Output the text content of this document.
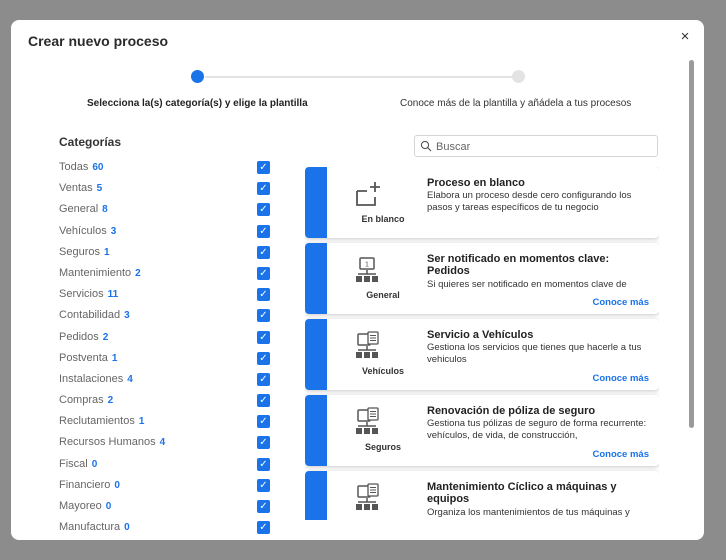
Crear nuevo proceso	×
Selecciona la(s) categoría(s) y elige la plantilla	Conoce más de la plantilla y añádela a tus procesos
Categorías
Todas 60	✓
Ventas 5	✓
General 8	✓
Vehículos 3	✓
Seguros 1	✓
Mantenimiento 2	✓
Servicios 11	✓
Contabilidad 3	✓
Pedidos 2	✓
Postventa 1	✓
Instalaciones 4	✓
Compras 2	✓
Reclutamientos 1	✓
Recursos Humanos 4	✓
Fiscal 0	✓
Financiero 0	✓
Mayoreo 0	✓
Manufactura 0	✓
Buscar
En blanco
Proceso en blanco
Elabora un proceso desde cero configurando los pasos y tareas específicos de tu negocio
1
General
Ser notificado en momentos clave: Pedidos
Si quieres ser notificado en momentos clave de
Conoce más
Vehículos
Servicio a Vehículos
Gestiona los servicios que tienes que hacerle a tus vehiculos
Conoce más
Seguros
Renovación de póliza de seguro
Gestiona tus pólizas de seguro de forma recurrente: vehículos, de vida, de construcción,
Conoce más
Mantenimiento Cíclico a máquinas y equipos
Organiza los mantenimientos de tus máquinas y
